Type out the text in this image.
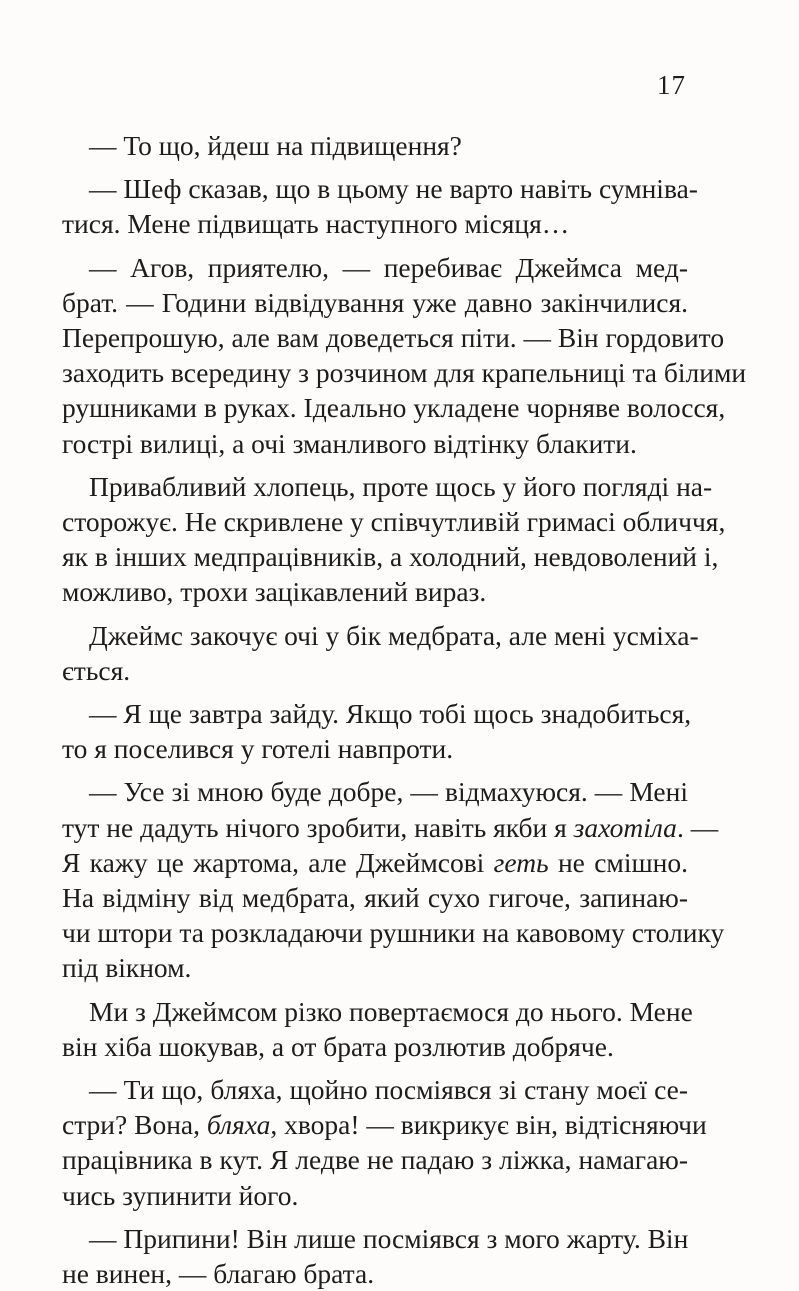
17

— То що, йдеш на підвищення?

— Шеф сказав, що в цьому не варто навіть сумніва-
тися. Мене підвищать наступного місяця…

— Агов, приятелю, — перебиває Джеймса мед-
брат. — Години відвідування уже давно закінчилися.
Перепрошую, але вам доведеться піти. — Він гордовито
заходить всередину з розчином для крапельниці та білими
рушниками в руках. Ідеально укладене чорняве волосся,
гострі вилиці, а очі зманливого відтінку блакити.

Привабливий хлопець, проте щось у його погляді на-
сторожує. Не скривлене у співчутливій гримасі обличчя,
як в інших медпрацівників, а холодний, невдоволений і,
можливо, трохи зацікавлений вираз.

Джеймс закочує очі у бік медбрата, але мені усміха-
ється.

— Я ще завтра зайду. Якщо тобі щось знадобиться,
то я поселився у готелі навпроти.

— Усе зі мною буде добре, — відмахуюся. — Мені
тут не дадуть нічого зробити, навіть якби я захотіла. —
Я кажу це жартома, але Джеймсові геть не смішно.
На відміну від медбрата, який сухо гигоче, запинаю-
чи штори та розкладаючи рушники на кавовому столику
під вікном.

Ми з Джеймсом різко повертаємося до нього. Мене
він хіба шокував, а от брата розлютив добряче.

— Ти що, бляха, щойно посміявся зі стану моєї се-
стри? Вона, бляха, хвора! — викрикує він, відтісняючи
працівника в кут. Я ледве не падаю з ліжка, намагаю-
чись зупинити його.

— Припини! Він лише посміявся з мого жарту. Він
не винен, — благаю брата.
